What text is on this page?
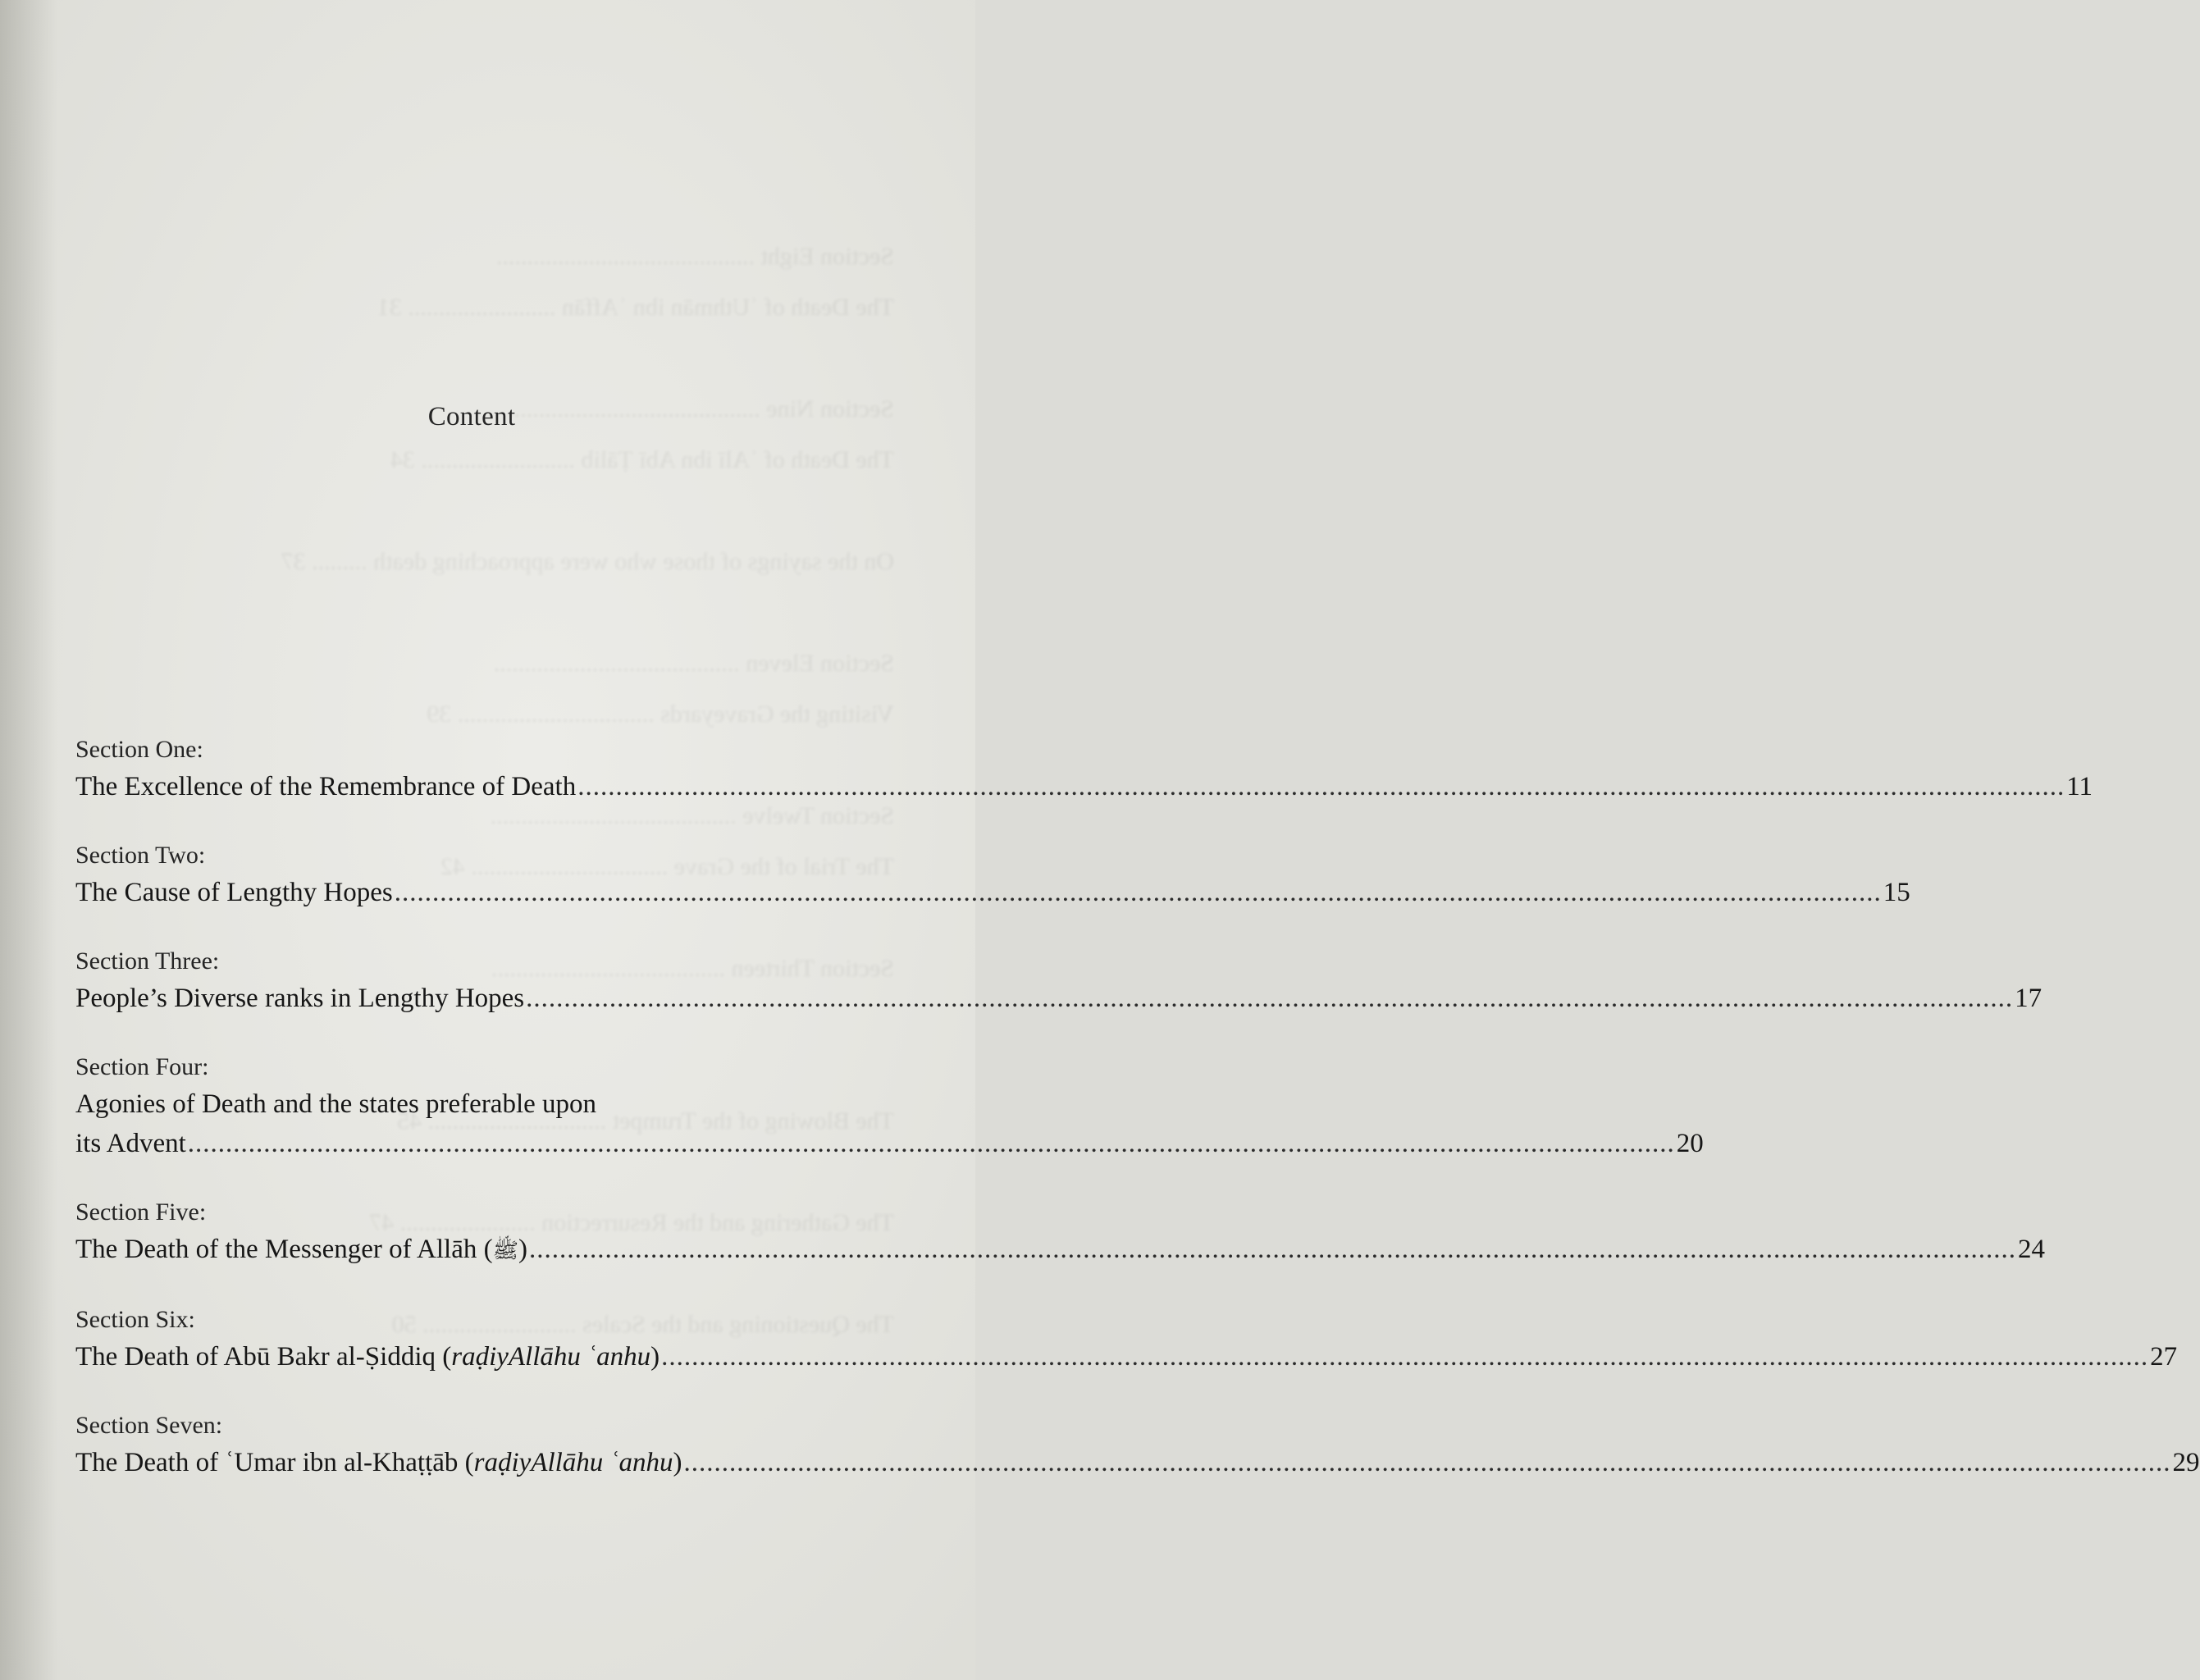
Section Eight ..........................................
The Death of ʿUthmān ibn ʿAffān ........................ 31

Section Nine .........................................
The Death of ʿAlī ibn Abī Ṭālib ......................... 34

On the sayings of those who were approaching death ......... 37

Section Eleven ........................................
Visiting the Graveyards ................................ 39

Section Twelve ........................................
The Trial of the Grave ................................ 42

Section Thirteen ......................................

The Blowing of the Trumpet ............................. 45

The Gathering and the Resurrection ...................... 47

The Questioning and the Scales ......................... 50
Content
Section One:
The Excellence of the Remembrance of Death .................................................................................................................................................................................................... 11
Section Two:
The Cause of Lengthy Hopes .................................................................................................................................................................................................... 15
Section Three:
People’s Diverse ranks in Lengthy Hopes .................................................................................................................................................................................................... 17
Section Four:
Agonies of Death and the states preferable upon
its Advent .................................................................................................................................................................................................... 20
Section Five:
The Death of the Messenger of Allāh (ﷺ) .................................................................................................................................................................................................... 24
Section Six:
The Death of Abū Bakr al-Ṣiddiq (raḍiyAllāhu ʿanhu) .................................................................................................................................................................................................... 27
Section Seven:
The Death of ʿUmar ibn al-Khaṭṭāb (raḍiyAllāhu ʿanhu) .................................................................................................................................................................................................... 29
